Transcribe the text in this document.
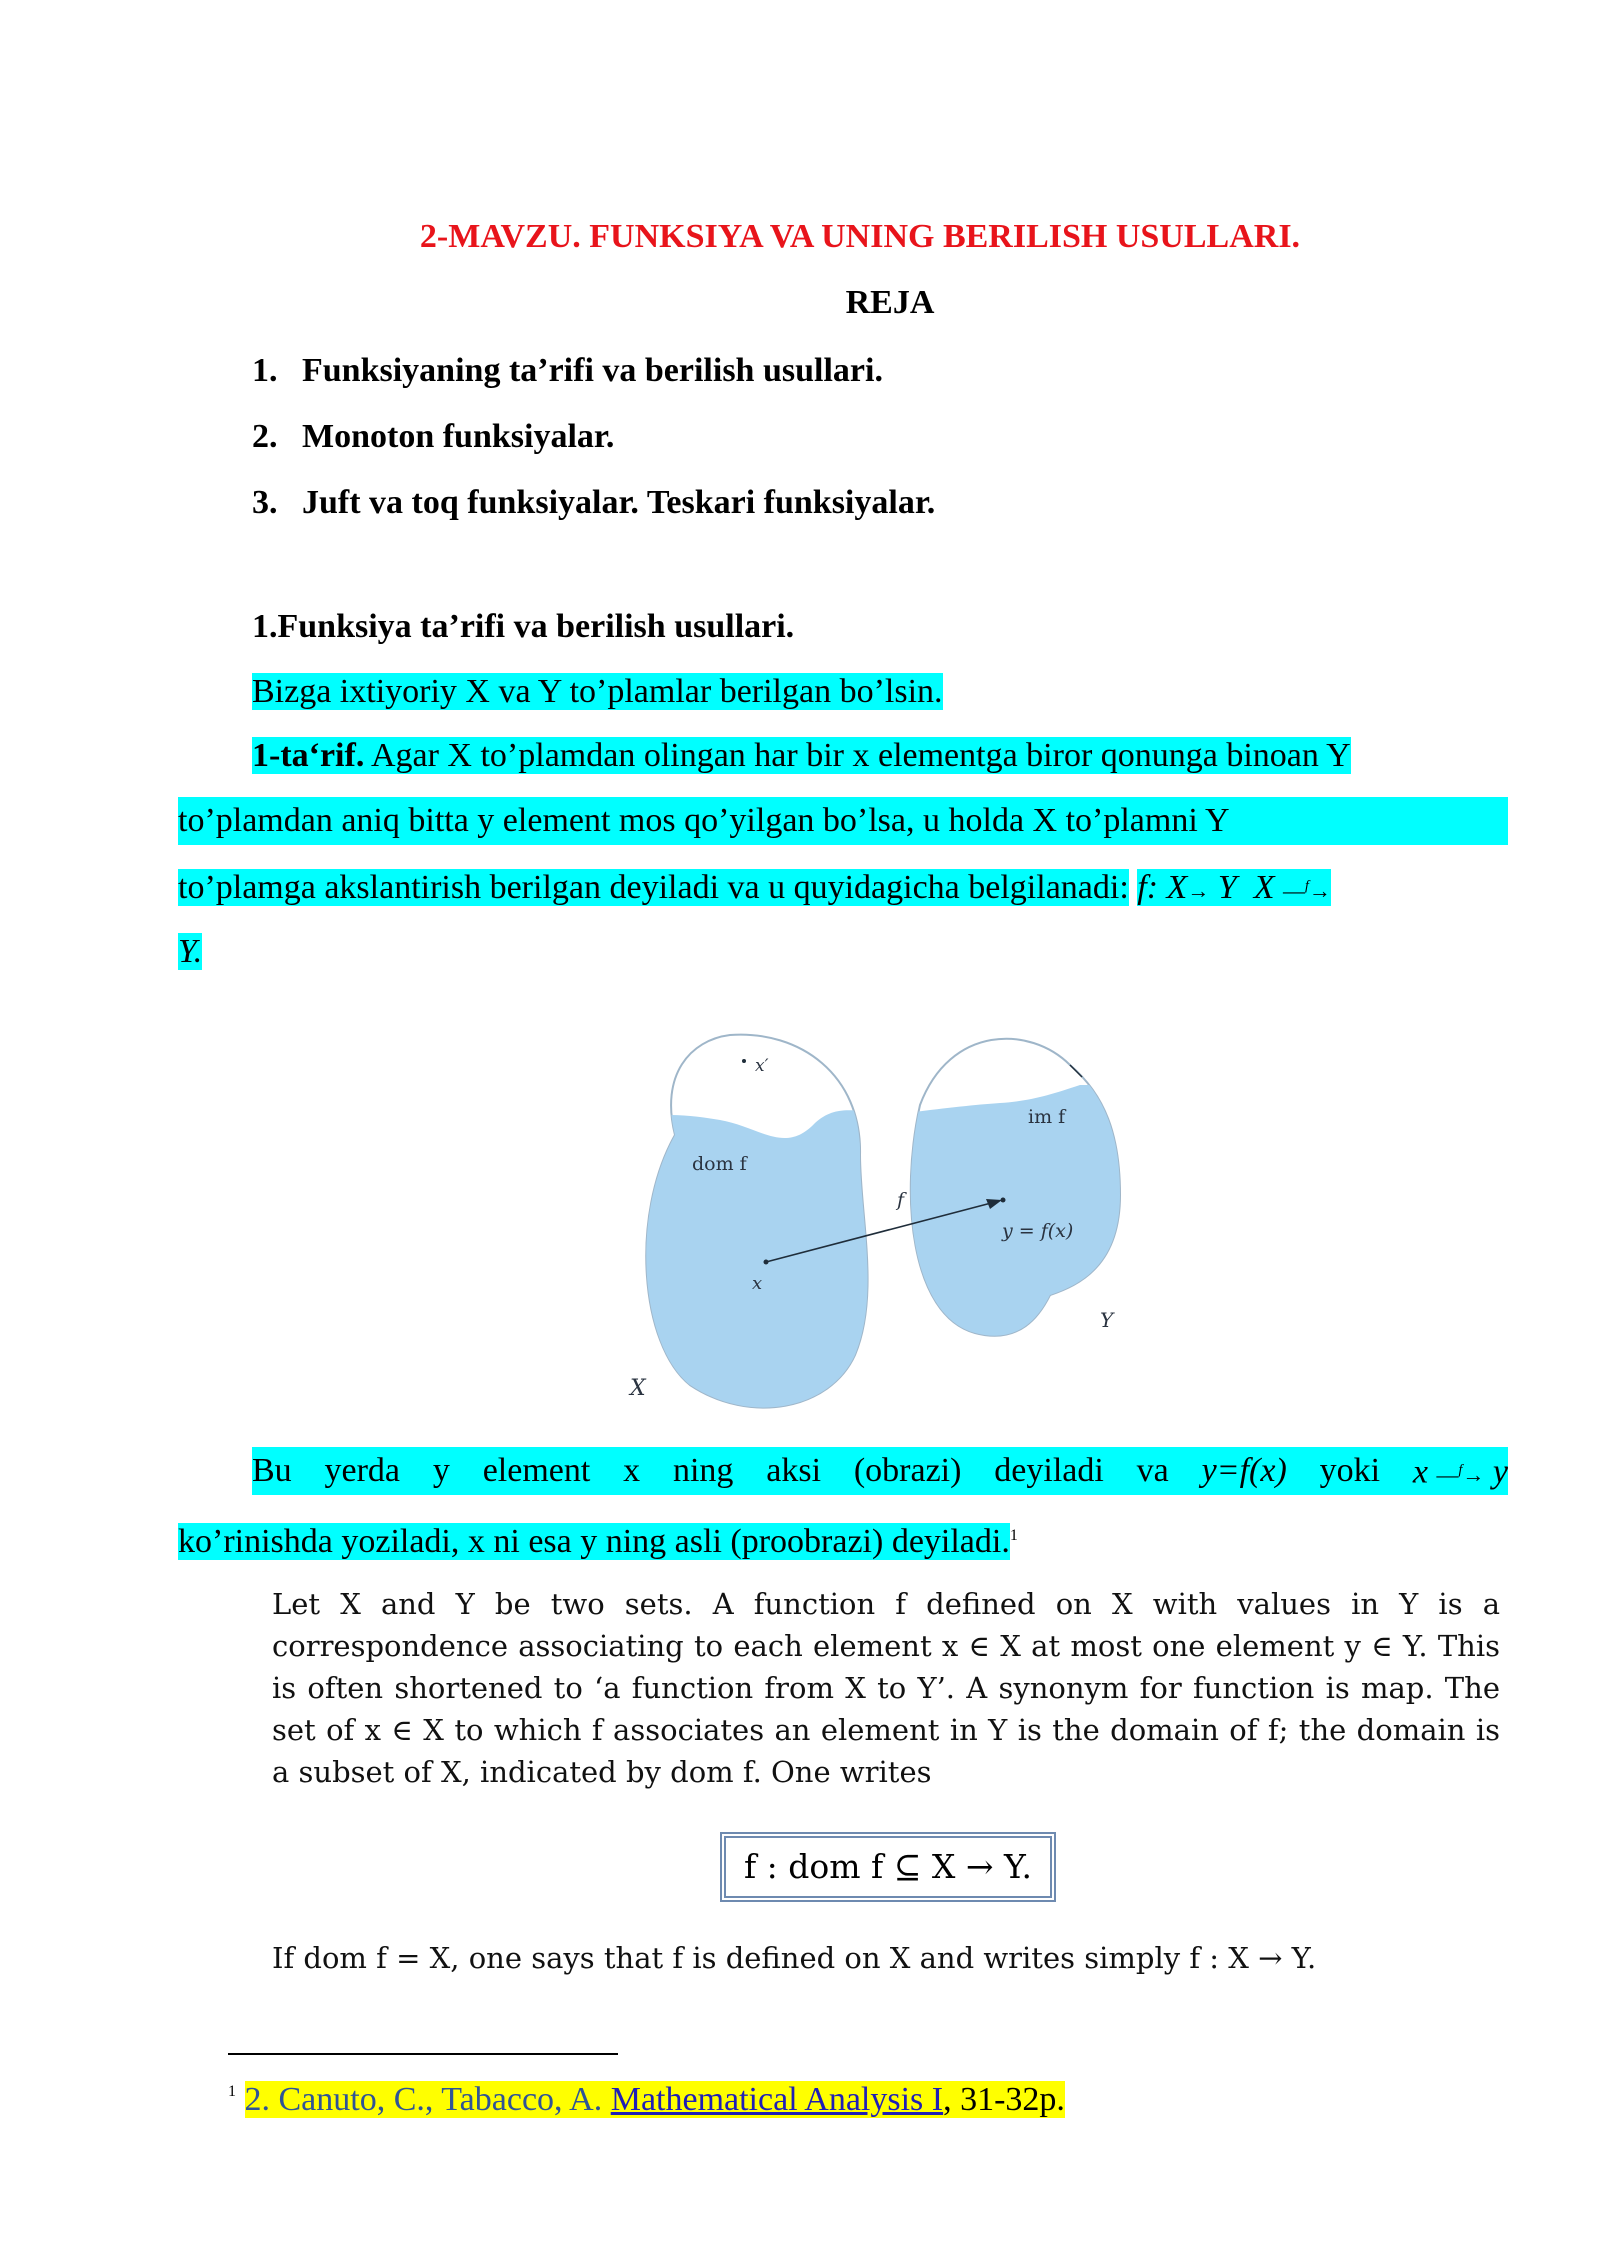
2-MAVZU. FUNKSIYA VA UNING BERILISH USULLARI.
REJA
1. Funksiyaning ta’rifi va berilish usullari.
2. Monoton funksiyalar.
3. Juft va toq funksiyalar. Teskari funksiyalar.
1.Funksiya ta’rifi va berilish usullari.
Bizga ixtiyoriy X va Y to’plamlar berilgan bo’lsin.
1-ta‘rif. Agar X to’plamdan olingan har bir x elementga biror qonunga binoan Y
to’plamdan aniq bitta y element mos qo’yilgan bo’lsa, u holda X to’plamni Y
to’plamga akslantirish berilgan deyiladi va u quyidagicha belgilanadi: f: X→ Y  X ―$^f$→
Y.
x′
dom f
f
x
X
im f
y = f(x)
Y
Bu yerda y element x ning aksi (obrazi) deyiladi va y=f(x) yoki x ―$^f$→ y
ko’rinishda yoziladi, x ni esa y ning asli (proobrazi) deyiladi.$^1$
Let X and Y be two sets. A function f defined on X with values in Y is a correspondence associating to each element x ∈ X at most one element y ∈ Y. This is often shortened to ‘a function from X to Y’. A synonym for function is map. The set of x ∈ X to which f associates an element in Y is the domain of f; the domain is a subset of X, indicated by dom f. One writes
f : dom f ⊆ X → Y.
If dom f = X, one says that f is defined on X and writes simply f : X → Y.
$^1$ 2. Canuto, C., Tabacco, A. Mathematical Analysis I, 31-32p.
